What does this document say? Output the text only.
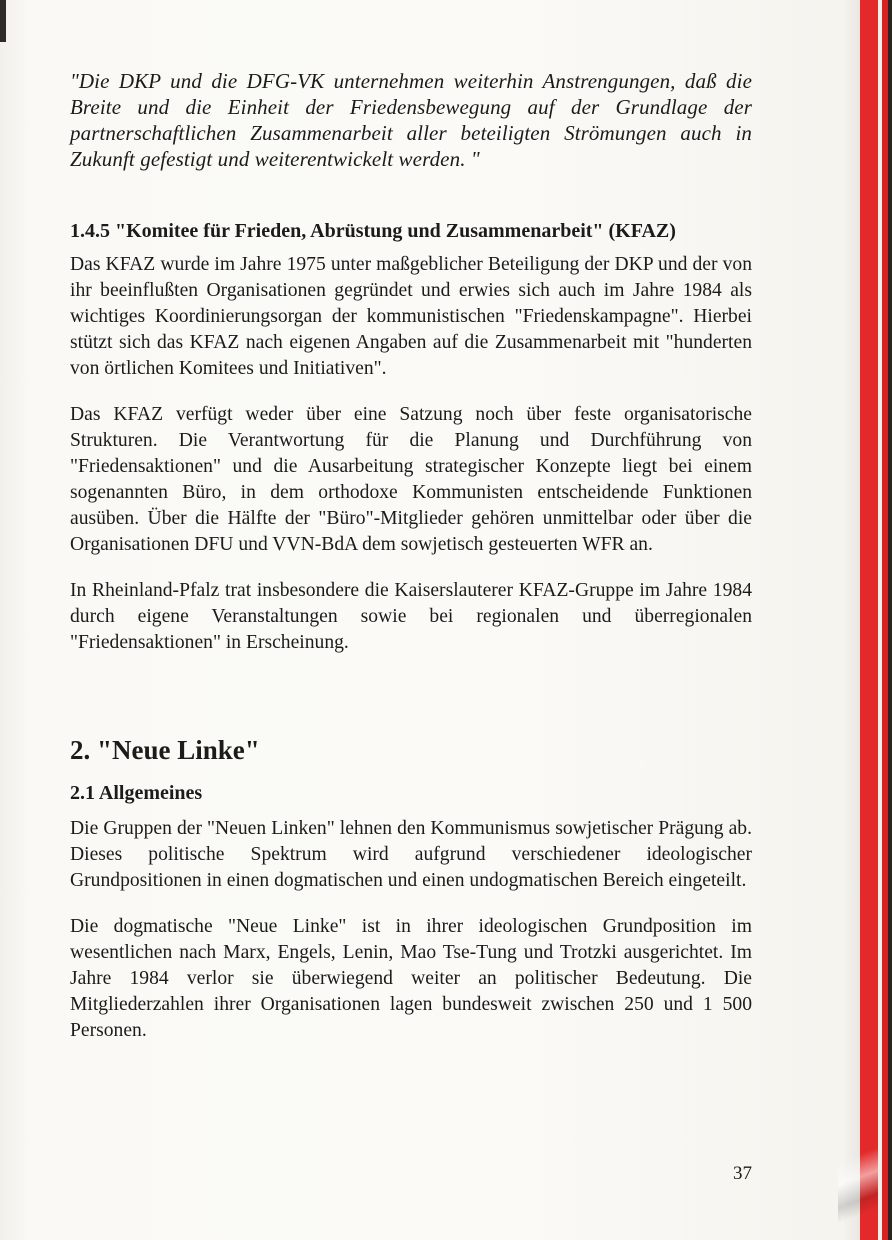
"Die DKP und die DFG-VK unternehmen weiterhin Anstrengungen, daß die Breite und die Einheit der Friedensbewegung auf der Grundlage der partnerschaftlichen Zusammenarbeit aller beteiligten Strömungen auch in Zukunft gefestigt und weiterentwickelt werden. "

1.4.5 "Komitee für Frieden, Abrüstung und Zusammenarbeit" (KFAZ)

Das KFAZ wurde im Jahre 1975 unter maßgeblicher Beteiligung der DKP und der von ihr beeinflußten Organisationen gegründet und erwies sich auch im Jahre 1984 als wichtiges Koordinierungsorgan der kommunistischen "Friedenskampagne". Hierbei stützt sich das KFAZ nach eigenen Angaben auf die Zusammenarbeit mit "hunderten von örtlichen Komitees und Initiativen".

Das KFAZ verfügt weder über eine Satzung noch über feste organisatorische Strukturen. Die Verantwortung für die Planung und Durchführung von "Friedensaktionen" und die Ausarbeitung strategischer Konzepte liegt bei einem sogenannten Büro, in dem orthodoxe Kommunisten entscheidende Funktionen ausüben. Über die Hälfte der "Büro"-Mitglieder gehören unmittelbar oder über die Organisationen DFU und VVN-BdA dem sowjetisch gesteuerten WFR an.

In Rheinland-Pfalz trat insbesondere die Kaiserslauterer KFAZ-Gruppe im Jahre 1984 durch eigene Veranstaltungen sowie bei regionalen und überregionalen "Friedensaktionen" in Erscheinung.

2. "Neue Linke"
2.1 Allgemeines

Die Gruppen der "Neuen Linken" lehnen den Kommunismus sowjetischer Prägung ab. Dieses politische Spektrum wird aufgrund verschiedener ideologischer Grundpositionen in einen dogmatischen und einen undogmatischen Bereich eingeteilt.

Die dogmatische "Neue Linke" ist in ihrer ideologischen Grundposition im wesentlichen nach Marx, Engels, Lenin, Mao Tse-Tung und Trotzki ausgerichtet. Im Jahre 1984 verlor sie überwiegend weiter an politischer Bedeutung. Die Mitgliederzahlen ihrer Organisationen lagen bundesweit zwischen 250 und 1 500 Personen.

37
